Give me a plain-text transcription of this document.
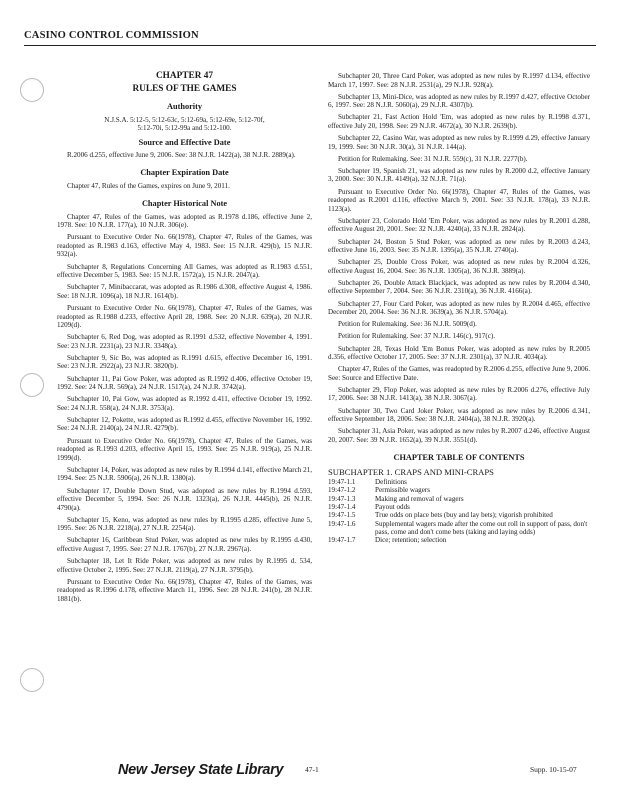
CASINO CONTROL COMMISSION
CHAPTER 47
RULES OF THE GAMES
Authority

N.J.S.A. 5:12-5, 5:12-63c, 5:12-69a, 5:12-69e, 5:12-70f, 5:12-70i, 5:12-99a and 5:12-100.

Source and Effective Date

R.2006 d.255, effective June 9, 2006. See: 38 N.J.R. 1422(a), 38 N.J.R. 2889(a).

Chapter Expiration Date

Chapter 47, Rules of the Games, expires on June 9, 2011.

Chapter Historical Note

Chapter 47, Rules of the Games, was adopted as R.1978 d.186, effective June 2, 1978. See: 10 N.J.R. 177(a), 10 N.J.R. 306(e).

Pursuant to Executive Order No. 66(1978), Chapter 47, Rules of the Games, was readopted as R.1983 d.163, effective May 4, 1983. See: 15 N.J.R. 429(b), 15 N.J.R. 932(a).

Subchapter 8, Regulations Concerning All Games, was adopted as R.1983 d.551, effective December 5, 1983. See: 15 N.J.R. 1572(a), 15 N.J.R. 2047(a).

Subchapter 7, Minibaccarat, was adopted as R.1986 d.308, effective August 4, 1986. See: 18 N.J.R. 1096(a), 18 N.J.R. 1614(b).

Pursuant to Executive Order No. 66(1978), Chapter 47, Rules of the Games, was readopted as R.1988 d.233, effective April 28, 1988. See: 20 N.J.R. 639(a), 20 N.J.R. 1209(d).

Subchapter 6, Red Dog, was adopted as R.1991 d.532, effective November 4, 1991. See: 23 N.J.R. 2231(a), 23 N.J.R. 3348(a).

Subchapter 9, Sic Bo, was adopted as R.1991 d.615, effective December 16, 1991. See: 23 N.J.R. 2922(a), 23 N.J.R. 3820(b).

Subchapter 11, Pai Gow Poker, was adopted as R.1992 d.406, effective October 19, 1992. See: 24 N.J.R. 569(a), 24 N.J.R. 1517(a), 24 N.J.R. 3742(a).

Subchapter 10, Pai Gow, was adopted as R.1992 d.411, effective October 19, 1992. See: 24 N.J.R. 558(a), 24 N.J.R. 3753(a).

Subchapter 12, Pokette, was adopted as R.1992 d.455, effective November 16, 1992. See: 24 N.J.R. 2140(a), 24 N.J.R. 4279(b).

Pursuant to Executive Order No. 66(1978), Chapter 47, Rules of the Games, was readopted as R.1993 d.203, effective April 15, 1993. See: 25 N.J.R. 919(a), 25 N.J.R. 1999(d).

Subchapter 14, Poker, was adopted as new rules by R.1994 d.141, effective March 21, 1994. See: 25 N.J.R. 5906(a), 26 N.J.R. 1380(a).

Subchapter 17, Double Down Stud, was adopted as new rules by R.1994 d.593, effective December 5, 1994. See: 26 N.J.R. 1323(a), 26 N.J.R. 4445(b), 26 N.J.R. 4790(a).

Subchapter 15, Keno, was adopted as new rules by R.1995 d.285, effective June 5, 1995. See: 26 N.J.R. 2218(a), 27 N.J.R. 2254(a).

Subchapter 16, Caribbean Stud Poker, was adopted as new rules by R.1995 d.430, effective August 7, 1995. See: 27 N.J.R. 1767(b), 27 N.J.R. 2967(a).

Subchapter 18, Let It Ride Poker, was adopted as new rules by R.1995 d. 534, effective October 2, 1995. See: 27 N.J.R. 2119(a), 27 N.J.R. 3795(b).

Pursuant to Executive Order No. 66(1978), Chapter 47, Rules of the Games, was readopted as R.1996 d.178, effective March 11, 1996. See: 28 N.J.R. 241(b), 28 N.J.R. 1881(b).

Subchapter 20, Three Card Poker, was adopted as new rules by R.1997 d.134, effective March 17, 1997. See: 28 N.J.R. 2531(a), 29 N.J.R. 928(a).

Subchapter 13, Mini-Dice, was adopted as new rules by R.1997 d.427, effective October 6, 1997. See: 28 N.J.R. 5060(a), 29 N.J.R. 4307(b).

Subchapter 21, Fast Action Hold 'Em, was adopted as new rules by R.1998 d.371, effective July 20, 1998. See: 29 N.J.R. 4672(a), 30 N.J.R. 2639(b).

Subchapter 22, Casino War, was adopted as new rules by R.1999 d.29, effective January 19, 1999. See: 30 N.J.R. 30(a), 31 N.J.R. 144(a).

Petition for Rulemaking. See: 31 N.J.R. 559(c), 31 N.J.R. 2277(b).

Subchapter 19, Spanish 21, was adopted as new rules by R.2000 d.2, effective January 3, 2000. See: 30 N.J.R. 4149(a), 32 N.J.R. 71(a).

Pursuant to Executive Order No. 66(1978), Chapter 47, Rules of the Games, was readopted as R.2001 d.116, effective March 9, 2001. See: 33 N.J.R. 178(a), 33 N.J.R. 1123(a).

Subchapter 23, Colorado Hold 'Em Poker, was adopted as new rules by R.2001 d.288, effective August 20, 2001. See: 32 N.J.R. 4240(a), 33 N.J.R. 2824(a).

Subchapter 24, Boston 5 Stud Poker, was adopted as new rules by R.2003 d.243, effective June 16, 2003. See: 35 N.J.R. 1395(a), 35 N.J.R. 2740(a).

Subchapter 25, Double Cross Poker, was adopted as new rules by R.2004 d.326, effective August 16, 2004. See: 36 N.J.R. 1305(a), 36 N.J.R. 3889(a).

Subchapter 26, Double Attack Blackjack, was adopted as new rules by R.2004 d.340, effective September 7, 2004. See: 36 N.J.R. 2310(a), 36 N.J.R. 4166(a).

Subchapter 27, Four Card Poker, was adopted as new rules by R.2004 d.465, effective December 20, 2004. See: 36 N.J.R. 3639(a), 36 N.J.R. 5704(a).

Petition for Rulemaking. See: 36 N.J.R. 5009(d).

Petition for Rulemaking. See: 37 N.J.R. 146(c), 917(c).

Subchapter 28, Texas Hold 'Em Bonus Poker, was adopted as new rules by R.2005 d.356, effective October 17, 2005. See: 37 N.J.R. 2301(a), 37 N.J.R. 4034(a).

Chapter 47, Rules of the Games, was readopted by R.2006 d.255, effective June 9, 2006. See: Source and Effective Date.

Subchapter 29, Flop Poker, was adopted as new rules by R.2006 d.276, effective July 17, 2006. See: 38 N.J.R. 1413(a), 38 N.J.R. 3067(a).

Subchapter 30, Two Card Joker Poker, was adopted as new rules by R.2006 d.341, effective September 18, 2006. See: 38 N.J.R. 2404(a), 38 N.J.R. 3920(a).

Subchapter 31, Asia Poker, was adopted as new rules by R.2007 d.246, effective August 20, 2007. See: 39 N.J.R. 1652(a), 39 N.J.R. 3551(d).

CHAPTER TABLE OF CONTENTS

SUBCHAPTER 1. CRAPS AND MINI-CRAPS

19:47-1.1	Definitions
19:47-1.2	Permissible wagers
19:47-1.3	Making and removal of wagers
19:47-1.4	Payout odds
19:47-1.5	True odds on place bets (buy and lay bets); vigorish prohibited
19:47-1.6	Supplemental wagers made after the come out roll in support of pass, don't pass, come and don't come bets (taking and laying odds)
19:47-1.7	Dice; retention; selection
New Jersey State Library	47-1	Supp. 10-15-07
